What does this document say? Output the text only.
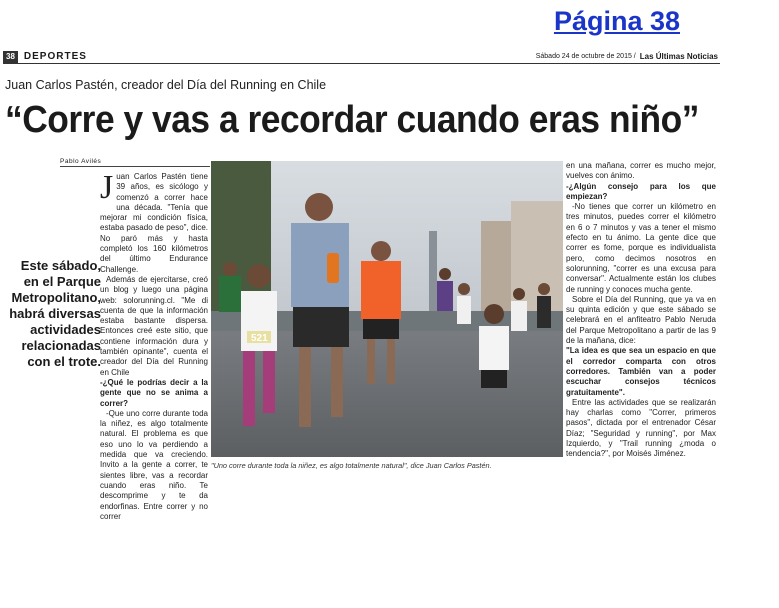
Página 38
38 DEPORTES	Sábado 24 de octubre de 2015 / Las Últimas Noticias
Juan Carlos Pastén, creador del Día del Running en Chile
“Corre y vas a recordar cuando eras niño”
Pablo Avilés

Juan Carlos Pastén tiene 39 años, es sicólogo y comenzó a correr hace una década. "Tenía que mejorar mi condición física, estaba pasado de peso", dice. No paró más y hasta completó los 160 kilómetros del último Endurance Challenge.

Además de ejercitarse, creó un blog y luego una página web: solorunning.cl. "Me di cuenta de que la información estaba bastante dispersa. Entonces creé este sitio, que contiene información dura y también opinante", cuenta el creador del Día del Running en Chile

-¿Qué le podrías decir a la gente que no se anima a correr?

-Que uno corre durante toda la niñez, es algo totalmente natural. El problema es que eso uno lo va perdiendo a medida que va creciendo. Invito a la gente a correr, te sientes libre, vas a recordar cuando eras niño. Te descomprime y te da endorfinas. Entre correr y no correr

Este sábado, en el Parque Metropolitano, habrá diversas actividades relacionadas con el trote.
521
EL MERCURIO
"Uno corre durante toda la niñez, es algo totalmente natural", dice Juan Carlos Pastén.

en una mañana, correr es mucho mejor, vuelves con ánimo.

-¿Algún consejo para los que empiezan?

-No tienes que correr un kilómetro en tres minutos, puedes correr el kilómetro en 6 o 7 minutos y vas a tener el mismo efecto en tu ánimo. La gente dice que correr es fome, porque es individualista pero, como decimos nosotros en solorunning, "correr es una excusa para conversar". Actualmente están los clubes de running y conoces mucha gente.

Sobre el Día del Running, que ya va en su quinta edición y que este sábado se celebrará en el anfiteatro Pablo Neruda del Parque Metropolitano a partir de las 9 de la mañana, dice:

"La idea es que sea un espacio en que el corredor comparta con otros corredores. También van a poder escuchar consejos técnicos gratuitamente".

Entre las actividades que se realizarán hay charlas como "Correr, primeros pasos", dictada por el entrenador César Díaz; "Seguridad y running", por Max Izquierdo, y "Trail running ¿moda o tendencia?", por Moisés Jiménez.
